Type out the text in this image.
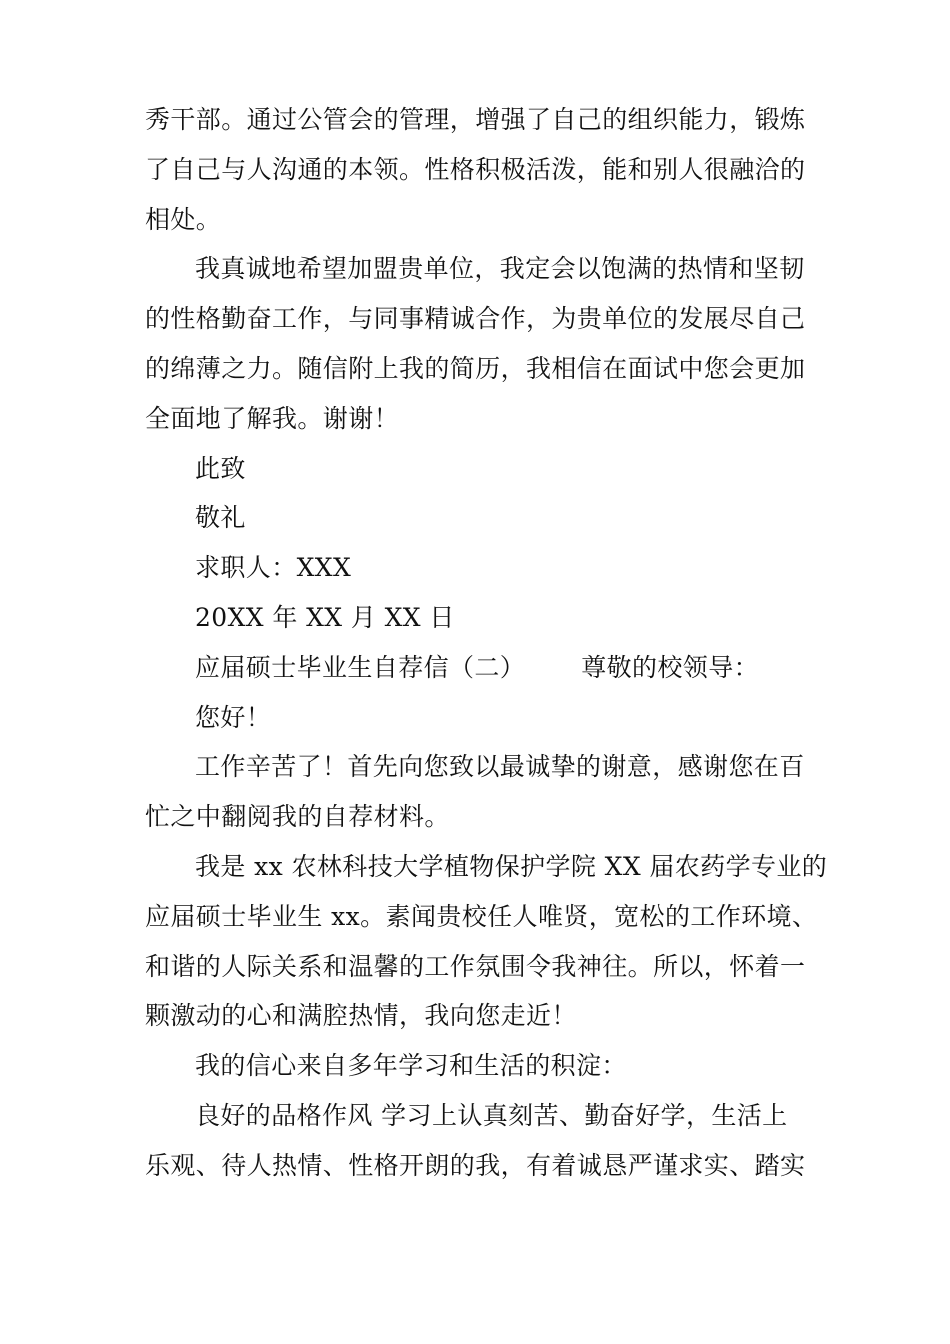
秀干部。通过公管会的管理，增强了自己的组织能力，锻炼
了自己与人沟通的本领。性格积极活泼，能和别人很融洽的
相处。
我真诚地希望加盟贵单位，我定会以饱满的热情和坚韧
的性格勤奋工作，与同事精诚合作，为贵单位的发展尽自己
的绵薄之力。随信附上我的简历，我相信在面试中您会更加
全面地了解我。谢谢！
此致
敬礼
求职人：XXX
20XX 年 XX 月 XX 日
应届硕士毕业生自荐信（二） 尊敬的校领导：
您好！
工作辛苦了！首先向您致以最诚挚的谢意，感谢您在百
忙之中翻阅我的自荐材料。
我是 xx 农林科技大学植物保护学院 XX 届农药学专业的
应届硕士毕业生 xx。素闻贵校任人唯贤，宽松的工作环境、
和谐的人际关系和温馨的工作氛围令我神往。所以，怀着一
颗激动的心和满腔热情，我向您走近！
我的信心来自多年学习和生活的积淀：
良好的品格作风 学习上认真刻苦、勤奋好学，生活上
乐观、待人热情、性格开朗的我，有着诚恳严谨求实、踏实
